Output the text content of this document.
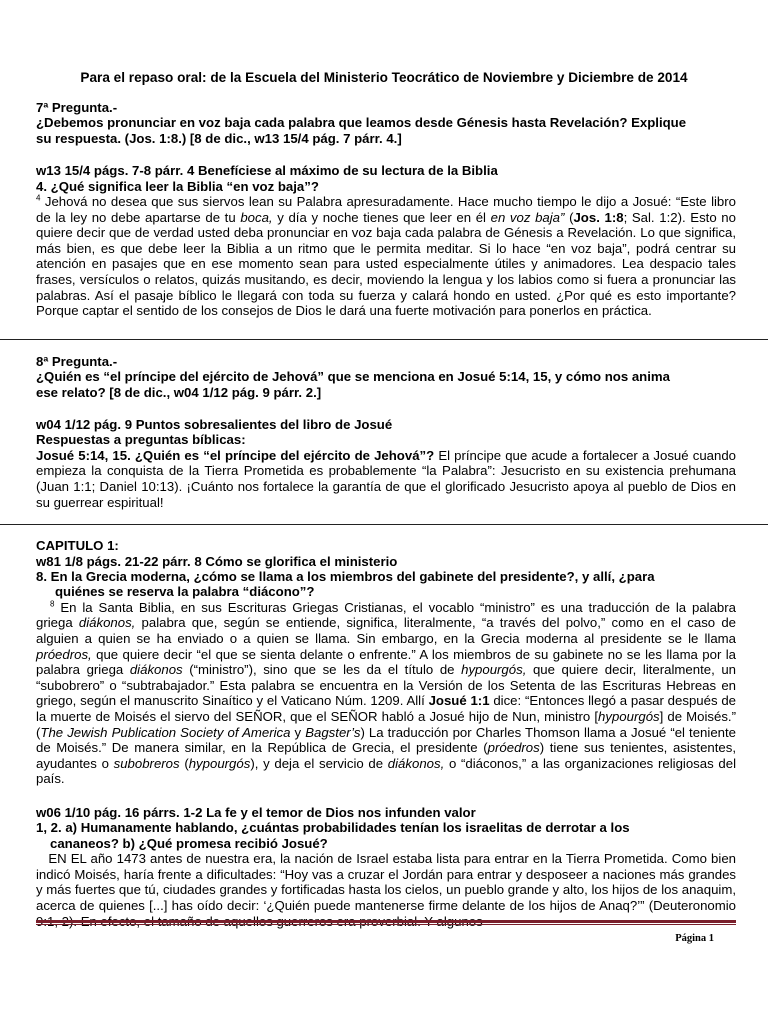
Para el repaso oral: de la Escuela del Ministerio Teocrático de Noviembre y Diciembre de 2014

7ª Pregunta.-

¿Debemos pronunciar en voz baja cada palabra que leamos desde Génesis hasta Revelación? Explique

su respuesta. (Jos. 1:8.) [8 de dic., w13 15/4 pág. 7 párr. 4.]

w13 15/4 págs. 7-8 párr. 4 Benefíciese al máximo de su lectura de la Biblia

4. ¿Qué significa leer la Biblia “en voz baja”?

$^4$ Jehová no desea que sus siervos lean su Palabra apresuradamente. Hace mucho tiempo le dijo a Josué: “Este libro de la ley no debe apartarse de tu boca, y día y noche tienes que leer en él en voz baja” (Jos. 1:8; Sal. 1:2). Esto no quiere decir que de verdad usted deba pronunciar en voz baja cada palabra de Génesis a Revelación. Lo que significa, más bien, es que debe leer la Biblia a un ritmo que le permita meditar. Si lo hace “en voz baja”, podrá centrar su atención en pasajes que en ese momento sean para usted especialmente útiles y animadores. Lea despacio tales frases, versículos o relatos, quizás musitando, es decir, moviendo la lengua y los labios como si fuera a pronunciar las palabras. Así el pasaje bíblico le llegará con toda su fuerza y calará hondo en usted. ¿Por qué es esto importante? Porque captar el sentido de los consejos de Dios le dará una fuerte motivación para ponerlos en práctica.

8ª Pregunta.-

¿Quién es “el príncipe del ejército de Jehová” que se menciona en Josué 5:14, 15, y cómo nos anima

ese relato? [8 de dic., w04 1/12 pág. 9 párr. 2.]

w04 1/12 pág. 9 Puntos sobresalientes del libro de Josué

Respuestas a preguntas bíblicas:

Josué 5:14, 15. ¿Quién es “el príncipe del ejército de Jehová”? El príncipe que acude a fortalecer a Josué cuando empieza la conquista de la Tierra Prometida es probablemente “la Palabra”: Jesucristo en su existencia prehumana (Juan 1:1; Daniel 10:13). ¡Cuánto nos fortalece la garantía de que el glorificado Jesucristo apoya al pueblo de Dios en su guerrear espiritual!

CAPITULO 1:

w81 1/8 págs. 21-22 párr. 8 Cómo se glorifica el ministerio

8. En la Grecia moderna, ¿cómo se llama a los miembros del gabinete del presidente?, y allí, ¿para

quiénes se reserva la palabra “diácono”?

$^8$ En la Santa Biblia, en sus Escrituras Griegas Cristianas, el vocablo “ministro” es una traducción de la palabra griega diákonos, palabra que, según se entiende, significa, literalmente, “a través del polvo,” como en el caso de alguien a quien se ha enviado o a quien se llama. Sin embargo, en la Grecia moderna al presidente se le llama próedros, que quiere decir “el que se sienta delante o enfrente.” A los miembros de su gabinete no se les llama por la palabra griega diákonos (“ministro”), sino que se les da el título de hypourgós, que quiere decir, literalmente, un “subobrero” o “subtrabajador.” Esta palabra se encuentra en la Versión de los Setenta de las Escrituras Hebreas en griego, según el manuscrito Sinaítico y el Vaticano Núm. 1209. Allí Josué 1:1 dice: “Entonces llegó a pasar después de la muerte de Moisés el siervo del SEÑOR, que el SEÑOR habló a Josué hijo de Nun, ministro [hypourgós] de Moisés.” (The Jewish Publication Society of America y Bagster’s) La traducción por Charles Thomson llama a Josué “el teniente de Moisés.” De manera similar, en la República de Grecia, el presidente (próedros) tiene sus tenientes, asistentes, ayudantes o subobreros (hypourgós), y deja el servicio de diákonos, o “diáconos,” a las organizaciones religiosas del país.

w06 1/10 pág. 16 párrs. 1-2 La fe y el temor de Dios nos infunden valor

1, 2. a) Humanamente hablando, ¿cuántas probabilidades tenían los israelitas de derrotar a los

cananeos? b) ¿Qué promesa recibió Josué?

EN EL año 1473 antes de nuestra era, la nación de Israel estaba lista para entrar en la Tierra Prometida. Como bien indicó Moisés, haría frente a dificultades: “Hoy vas a cruzar el Jordán para entrar y desposeer a naciones más grandes y más fuertes que tú, ciudades grandes y fortificadas hasta los cielos, un pueblo grande y alto, los hijos de los anaquim, acerca de quienes [...] has oído decir: ‘¿Quién puede mantenerse firme delante de los hijos de Anaq?’” (Deuteronomio 9:1, 2). En efecto, el tamaño de aquellos guerreros era proverbial. Y algunos

Página 1
